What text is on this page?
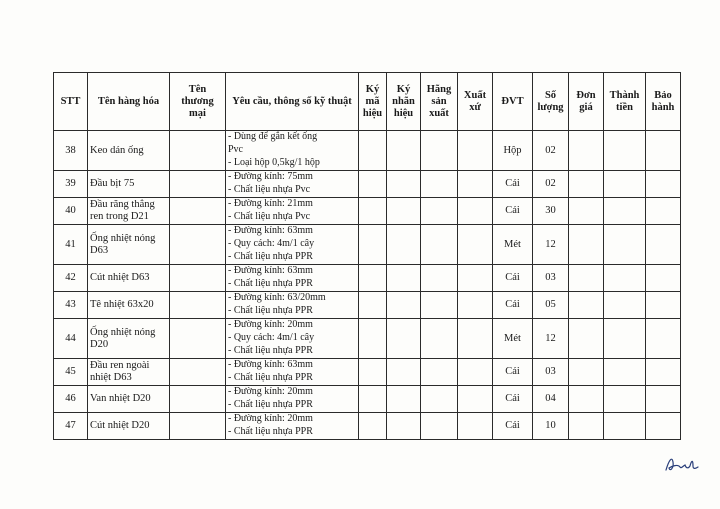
STT	Tên hàng hóa	Tên thương mại	Yêu cầu, thông số kỹ thuật	Ký mã hiệu	Ký nhãn hiệu	Hãng sản xuất	Xuất xứ	ĐVT	Số lượng	Đơn giá	Thành tiền	Bảo hành
38	Keo dán ống		- Dùng để gắn kết ống
Pvc
- Loại hộp 0,5kg/1 hộp					Hộp	02			
39	Đầu bịt 75		- Đường kính: 75mm
- Chất liệu nhựa Pvc					Cái	02			
40	Đầu răng thẳng ren trong D21		- Đường kính: 21mm
- Chất liệu nhựa Pvc					Cái	30			
41	Ống nhiệt nóng D63		- Đường kính: 63mm
- Quy cách: 4m/1 cây
- Chất liệu nhựa PPR					Mét	12			
42	Cút nhiệt D63		- Đường kính: 63mm
- Chất liệu nhựa PPR					Cái	03			
43	Tê nhiệt 63x20		- Đường kính: 63/20mm
- Chất liệu nhựa PPR					Cái	05			
44	Ống nhiệt nóng D20		- Đường kính: 20mm
- Quy cách: 4m/1 cây
- Chất liệu nhựa PPR					Mét	12			
45	Đầu ren ngoài nhiệt D63		- Đường kính: 63mm
- Chất liệu nhựa PPR					Cái	03			
46	Van nhiệt D20		- Đường kính: 20mm
- Chất liệu nhựa PPR					Cái	04			
47	Cút nhiệt D20		- Đường kính: 20mm
- Chất liệu nhựa PPR					Cái	10			
